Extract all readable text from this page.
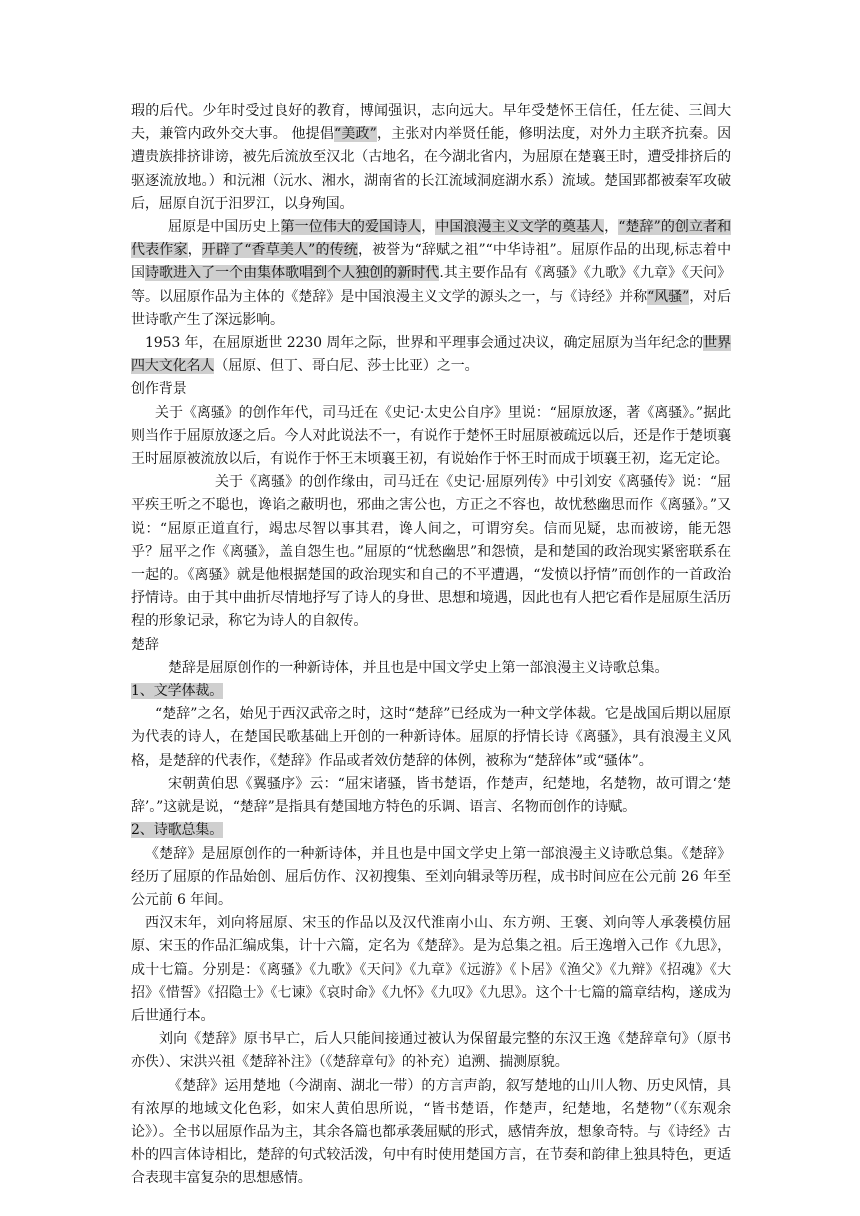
瑕的后代。少年时受过良好的教育，博闻强识，志向远大。早年受楚怀王信任，任左徒、三闾大夫，兼管内政外交大事。 他提倡“美政”，主张对内举贤任能，修明法度，对外力主联齐抗秦。因遭贵族排挤诽谤，被先后流放至汉北（古地名，在今湖北省内，为屈原在楚襄王时，遭受排挤后的驱逐流放地。）和沅湘（沅水、湘水，湖南省的长江流域洞庭湖水系）流域。楚国郢都被秦军攻破后，屈原自沉于汨罗江，以身殉国。

屈原是中国历史上第一位伟大的爱国诗人，中国浪漫主义文学的奠基人，“楚辞”的创立者和代表作家，开辟了“香草美人”的传统，被誉为“辞赋之祖”“中华诗祖”。屈原作品的出现,标志着中国诗歌进入了一个由集体歌唱到个人独创的新时代.其主要作品有《离骚》《九歌》《九章》《天问》等。以屈原作品为主体的《楚辞》是中国浪漫主义文学的源头之一，与《诗经》并称“风骚”，对后世诗歌产生了深远影响。

1953 年，在屈原逝世 2230 周年之际，世界和平理事会通过决议，确定屈原为当年纪念的世界四大文化名人（屈原、但丁、哥白尼、莎士比亚）之一。

创作背景

关于《离骚》的创作年代，司马迁在《史记·太史公自序》里说：“屈原放逐，著《离骚》。”据此则当作于屈原放逐之后。今人对此说法不一，有说作于楚怀王时屈原被疏远以后，还是作于楚顷襄王时屈原被流放以后，有说作于怀王末顷襄王初，有说始作于怀王时而成于顷襄王初，迄无定论。

关于《离骚》的创作缘由，司马迁在《史记·屈原列传》中引刘安《离骚传》说：“屈平疾王听之不聪也，谗谄之蔽明也，邪曲之害公也，方正之不容也，故忧愁幽思而作《离骚》。”又说：“屈原正道直行，竭忠尽智以事其君，谗人间之，可谓穷矣。信而见疑，忠而被谤，能无怨乎？屈平之作《离骚》，盖自怨生也。”屈原的“忧愁幽思”和怨愤，是和楚国的政治现实紧密联系在一起的。《离骚》就是他根据楚国的政治现实和自己的不平遭遇，“发愤以抒情”而创作的一首政治抒情诗。由于其中曲折尽情地抒写了诗人的身世、思想和境遇，因此也有人把它看作是屈原生活历程的形象记录，称它为诗人的自叙传。

楚辞

楚辞是屈原创作的一种新诗体，并且也是中国文学史上第一部浪漫主义诗歌总集。

1、文学体裁。

“楚辞”之名，始见于西汉武帝之时，这时“楚辞”已经成为一种文学体裁。它是战国后期以屈原为代表的诗人，在楚国民歌基础上开创的一种新诗体。屈原的抒情长诗《离骚》，具有浪漫主义风格，是楚辞的代表作，《楚辞》作品或者效仿楚辞的体例，被称为“楚辞体”或“骚体”。

宋朝黄伯思《翼骚序》云：“屈宋诸骚，皆书楚语，作楚声，纪楚地，名楚物，故可谓之‘楚辞’。”这就是说，“楚辞”是指具有楚国地方特色的乐调、语言、名物而创作的诗赋。

2、诗歌总集。

《楚辞》是屈原创作的一种新诗体，并且也是中国文学史上第一部浪漫主义诗歌总集。《楚辞》经历了屈原的作品始创、屈后仿作、汉初搜集、至刘向辑录等历程，成书时间应在公元前 26 年至公元前 6 年间。

西汉末年，刘向将屈原、宋玉的作品以及汉代淮南小山、东方朔、王褒、刘向等人承袭模仿屈原、宋玉的作品汇编成集，计十六篇，定名为《楚辞》。是为总集之祖。后王逸增入己作《九思》，成十七篇。分别是：《离骚》《九歌》《天问》《九章》《远游》《卜居》《渔父》《九辩》《招魂》《大招》《惜誓》《招隐士》《七谏》《哀时命》《九怀》《九叹》《九思》。这个十七篇的篇章结构，遂成为后世通行本。

刘向《楚辞》原书早亡，后人只能间接通过被认为保留最完整的东汉王逸《楚辞章句》（原书亦佚）、宋洪兴祖《楚辞补注》（《楚辞章句》的补充）追溯、揣测原貌。

《楚辞》运用楚地（今湖南、湖北一带）的方言声韵，叙写楚地的山川人物、历史风情，具有浓厚的地域文化色彩，如宋人黄伯思所说，“皆书楚语，作楚声，纪楚地，名楚物”（《东观余论》）。全书以屈原作品为主，其余各篇也都承袭屈赋的形式，感情奔放，想象奇特。与《诗经》古朴的四言体诗相比，楚辞的句式较活泼，句中有时使用楚国方言，在节奏和韵律上独具特色，更适合表现丰富复杂的思想感情。
